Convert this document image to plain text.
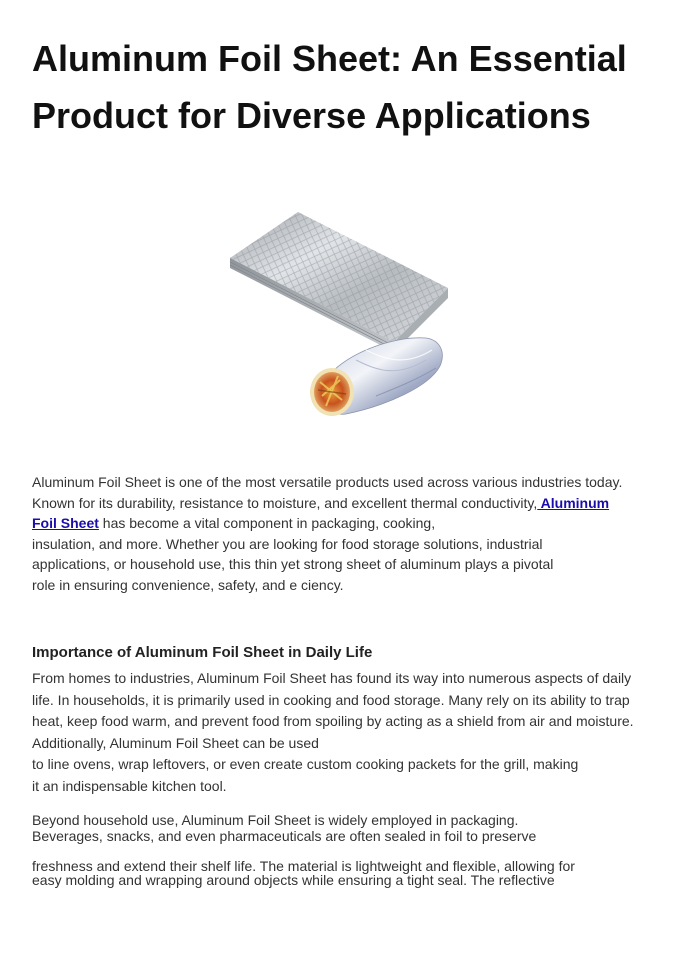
Aluminum Foil Sheet: An Essential Product for Diverse Applications

Aluminum Foil Sheet is one of the most versatile products used across various industries today.
Known for its durability, resistance to moisture, and excellent thermal conductivity, Aluminum
Foil Sheet has become a vital component in packaging, cooking,
insulation, and more. Whether you are looking for food storage solutions, industrial
applications, or household use, this thin yet strong sheet of aluminum plays a pivotal
role in ensuring convenience, safety, and e ciency.

Importance of Aluminum Foil Sheet in Daily Life

From homes to industries, Aluminum Foil Sheet has found its way into numerous aspects of daily
life. In households, it is primarily used in cooking and food storage. Many rely on its ability to trap
heat, keep food warm, and prevent food from spoiling by acting as a shield from air and moisture.
Additionally, Aluminum Foil Sheet can be used
to line ovens, wrap leftovers, or even create custom cooking packets for the grill, making
it an indispensable kitchen tool.

Beyond household use, Aluminum Foil Sheet is widely employed in packaging.
Beverages, snacks, and even pharmaceuticals are often sealed in foil to preserve
freshness and extend their shelf life. The material is lightweight and flexible, allowing for
easy molding and wrapping around objects while ensuring a tight seal. The reflective
